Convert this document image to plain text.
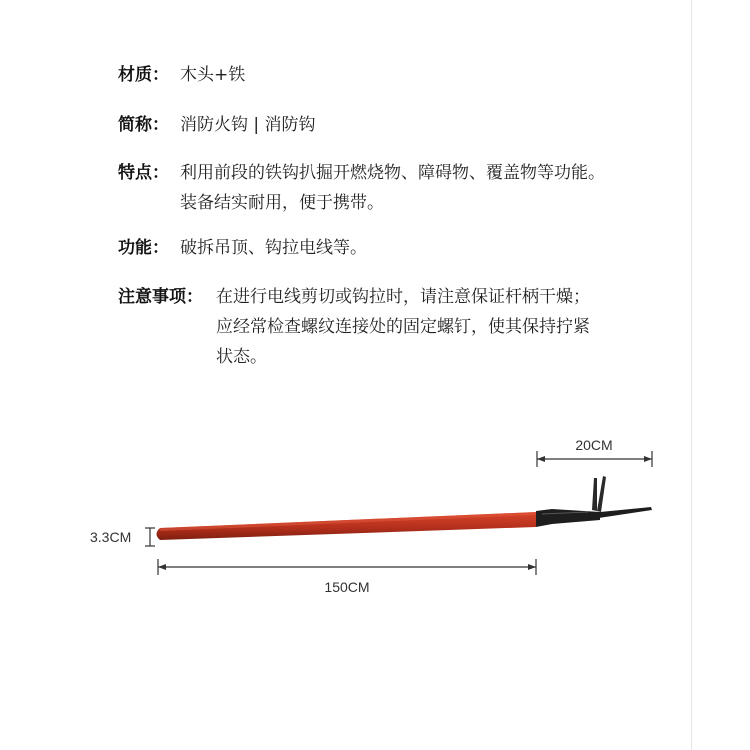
材质： 木头+铁
简称： 消防火钩 | 消防钩
特点： 利用前段的铁钩扒掘开燃烧物、障碍物、覆盖物等功能。
装备结实耐用，便于携带。
功能： 破拆吊顶、钩拉电线等。
注意事项： 在进行电线剪切或钩拉时，请注意保证杆柄干燥；
应经常检查螺纹连接处的固定螺钉，使其保持拧紧
状态。
20CM
3.3CM
150CM
